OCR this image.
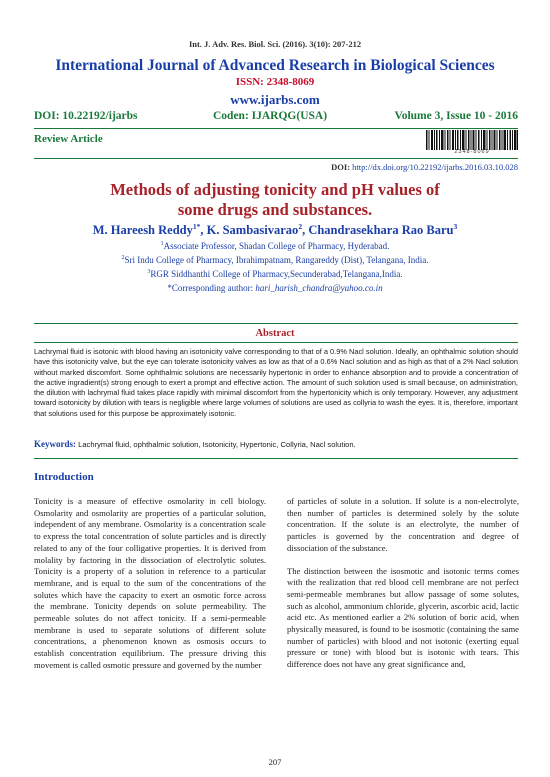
Int. J. Adv. Res. Biol. Sci. (2016). 3(10): 207-212
International Journal of Advanced Research in Biological Sciences
ISSN: 2348-8069
www.ijarbs.com
DOI: 10.22192/ijarbs	Coden: IJARQG(USA)	Volume 3, Issue 10 - 2016
Review Article
2348-8069
DOI: http://dx.doi.org/10.22192/ijarbs.2016.03.10.028
Methods of adjusting tonicity and pH values of
some drugs and substances.
M. Hareesh Reddy$^{1*}$, K. Sambasivarao$^2$, Chandrasekhara Rao Baru$^3$
$^1$Associate Professor, Shadan College of Pharmacy, Hyderabad.
$^2$Sri Indu College of Pharmacy, Ibrahimpatnam, Rangareddy (Dist), Telangana, India.
$^3$RGR Siddhanthi College of Pharmacy,Secunderabad,Telangana,India.
*Corresponding author: hari_harish_chandra@yahoo.co.in
Abstract
Lachrymal fluid is isotonic with blood having an isotonicity valve corresponding to that of a 0.9% Nacl solution. Ideally, an ophthalmic solution should have this isotonicity valve, but the eye can tolerate isotonicity valves as low as that of a 0.6% Nacl solution and as high as that of a 2% Nacl solution without marked discomfort. Some ophthalmic solutions are necessarily hypertonic in order to enhance absorption and to provide a concentration of the active ingradient(s) strong enough to exert a prompt and effective action. The amount of such solution used is small because, on administration, the dilution with lachrymal fluid takes place rapidly with minimal discomfort from the hypertonicity which is only temporary. However, any adjustment toward isotonicity by dilution with tears is negligible where large volumes of solutions are used as collyria to wash the eyes. It is, therefore, important that solutions used for this purpose be approximately isotonic.
Keywords: Lachrymal fluid, ophthalmic solution, Isotonicity, Hypertonic, Collyria, Nacl solution.
Introduction

Tonicity is a measure of effective osmolarity in cell biology. Osmolarity and osmolarity are properties of a particular solution, independent of any membrane. Osmolarity is a concentration scale to express the total concentration of solute particles and is directly related to any of the four colligative properties. It is derived from molality by factoring in the dissociation of electrolytic solutes. Tonicity is a property of a solution in reference to a particular membrane, and is equal to the sum of the concentrations of the solutes which have the capacity to exert an osmotic force across the membrane. Tonicity depends on solute permeability. The permeable solutes do not affect tonicity. If a semi-permeable membrane is used to separate solutions of different solute concentrations, a phenomenon known as osmosis occurs to establish concentration equilibrium. The pressure driving this movement is called osmotic pressure and governed by the number

of particles of solute in a solution. If solute is a non-electrolyte, then number of particles is determined solely by the solute concentration. If the solute is an electrolyte, the number of particles is governed by the concentration and degree of dissociation of the substance.

The distinction between the isosmotic and isotonic terms comes with the realization that red blood cell membrane are not perfect semi-permeable membranes but allow passage of some solutes, such as alcohol, ammonium chloride, glycerin, ascorbic acid, lactic acid etc. As mentioned earlier a 2% solution of boric acid, when physically measured, is found to be isosmotic (containing the same number of particles) with blood and not isotonic (exerting equal pressure or tone) with blood but is isotonic with tears. This difference does not have any great significance and,

207
